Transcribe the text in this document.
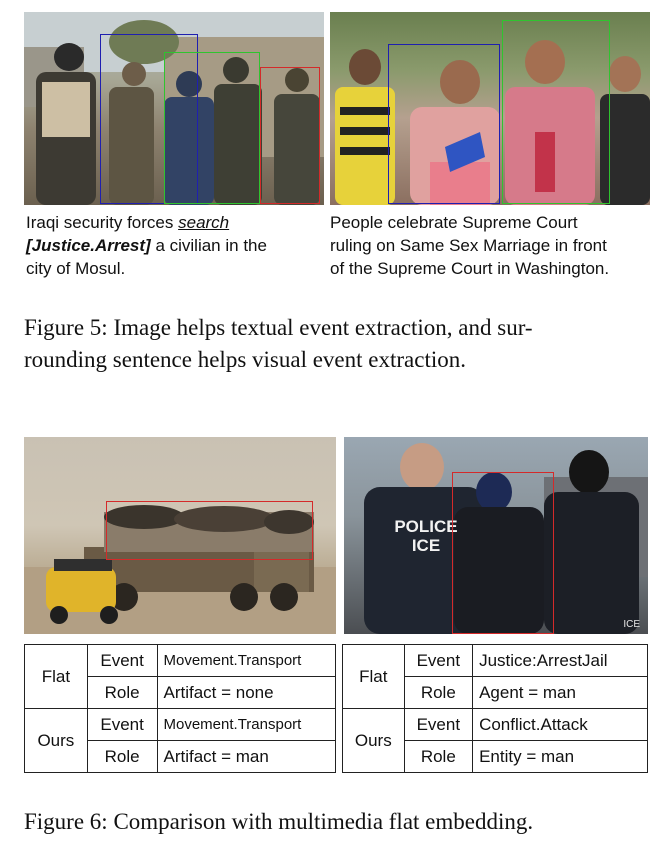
Iraqi security forces search
[Justice.Arrest] a civilian in the
city of Mosul.
People celebrate Supreme Court
ruling on Same Sex Marriage in front
of the Supreme Court in Washington.
Figure 5: Image helps textual event extraction, and sur-
rounding sentence helps visual event extraction.
POLICE
ICE
ICE
Flat	Event	Movement.Transport
	Role	Artifact = none
Ours	Event	Movement.Transport
	Role	Artifact = man
Flat	Event	Justice:ArrestJail
	Role	Agent = man
Ours	Event	Conflict.Attack
	Role	Entity = man
Figure 6: Comparison with multimedia flat embedding.
